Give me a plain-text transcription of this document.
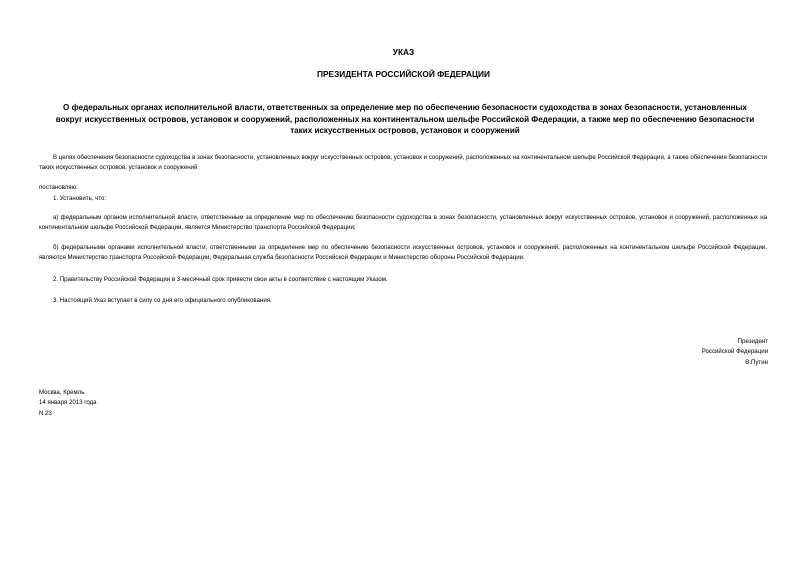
УКАЗ

ПРЕЗИДЕНТА РОССИЙСКОЙ ФЕДЕРАЦИИ

О федеральных органах исполнительной власти, ответственных за определение мер по обеспечению безопасности судоходства в зонах безопасности, установленных вокруг искусственных островов, установок и сооружений, расположенных на континентальном шельфе Российской Федерации, а также мер по обеспечению безопасности таких искусственных островов, установок и сооружений

В целях обеспечения безопасности судоходства в зонах безопасности, установленных вокруг искусственных островов, установок и сооружений, расположенных на континентальном шельфе Российской Федерации, а также обеспечения безопасности таких искусственных островов, установок и сооружений

постановляю:

1. Установить, что:

а) федеральным органом исполнительной власти, ответственным за определение мер по обеспечению безопасности судоходства в зонах безопасности, установленных вокруг искусственных островов, установок и сооружений, расположенных на континентальном шельфе Российской Федерации, является Министерство транспорта Российской Федерации;

б) федеральными органами исполнительной власти, ответственными за определение мер по обеспечению безопасности искусственных островов, установок и сооружений, расположенных на континентальном шельфе Российской Федерации, являются Министерство транспорта Российской Федерации, Федеральная служба безопасности Российской Федерации и Министерство обороны Российской Федерации.

2. Правительству Российской Федерации в 3-месячный срок привести свои акты в соответствие с настоящим Указом.

3. Настоящий Указ вступает в силу со дня его официального опубликования.

Президент
Российской Федерации
В.Путин
Москва, Кремль
14 января 2013 года
N 23
